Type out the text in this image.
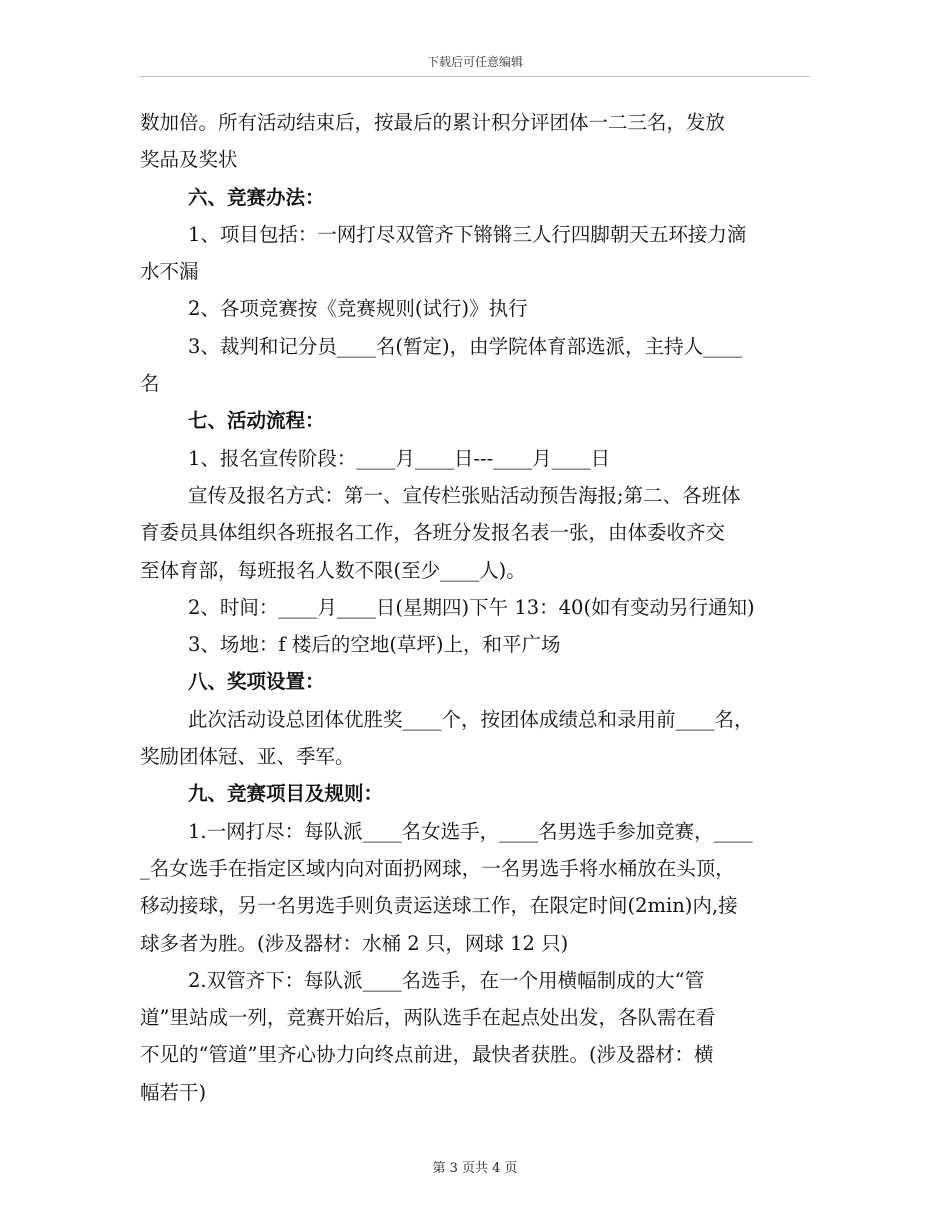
下载后可任意编辑
数加倍。所有活动结束后，按最后的累计积分评团体一二三名，发放
奖品及奖状
六、竞赛办法：
1、项目包括：一网打尽双管齐下锵锵三人行四脚朝天五环接力滴
水不漏
2、各项竞赛按《竞赛规则(试行)》执行
3、裁判和记分员____名(暂定)，由学院体育部选派，主持人____
名
七、活动流程：
1、报名宣传阶段：____月____日---____月____日
宣传及报名方式：第一、宣传栏张贴活动预告海报;第二、各班体
育委员具体组织各班报名工作，各班分发报名表一张，由体委收齐交
至体育部，每班报名人数不限(至少____人)。
2、时间：____月____日(星期四)下午 13：40(如有变动另行通知)
3、场地：f 楼后的空地(草坪)上，和平广场
八、奖项设置：
此次活动设总团体优胜奖____个，按团体成绩总和录用前____名，
奖励团体冠、亚、季军。
九、竞赛项目及规则：
1.一网打尽：每队派____名女选手，____名男选手参加竞赛，____
_名女选手在指定区域内向对面扔网球，一名男选手将水桶放在头顶，
移动接球，另一名男选手则负责运送球工作，在限定时间(2min)内,接
球多者为胜。(涉及器材：水桶 2 只，网球 12 只)
2.双管齐下：每队派____名选手，在一个用横幅制成的大“管
道”里站成一列，竞赛开始后，两队选手在起点处出发，各队需在看
不见的“管道”里齐心协力向终点前进，最快者获胜。(涉及器材：横
幅若干)
第 3 页共 4 页
